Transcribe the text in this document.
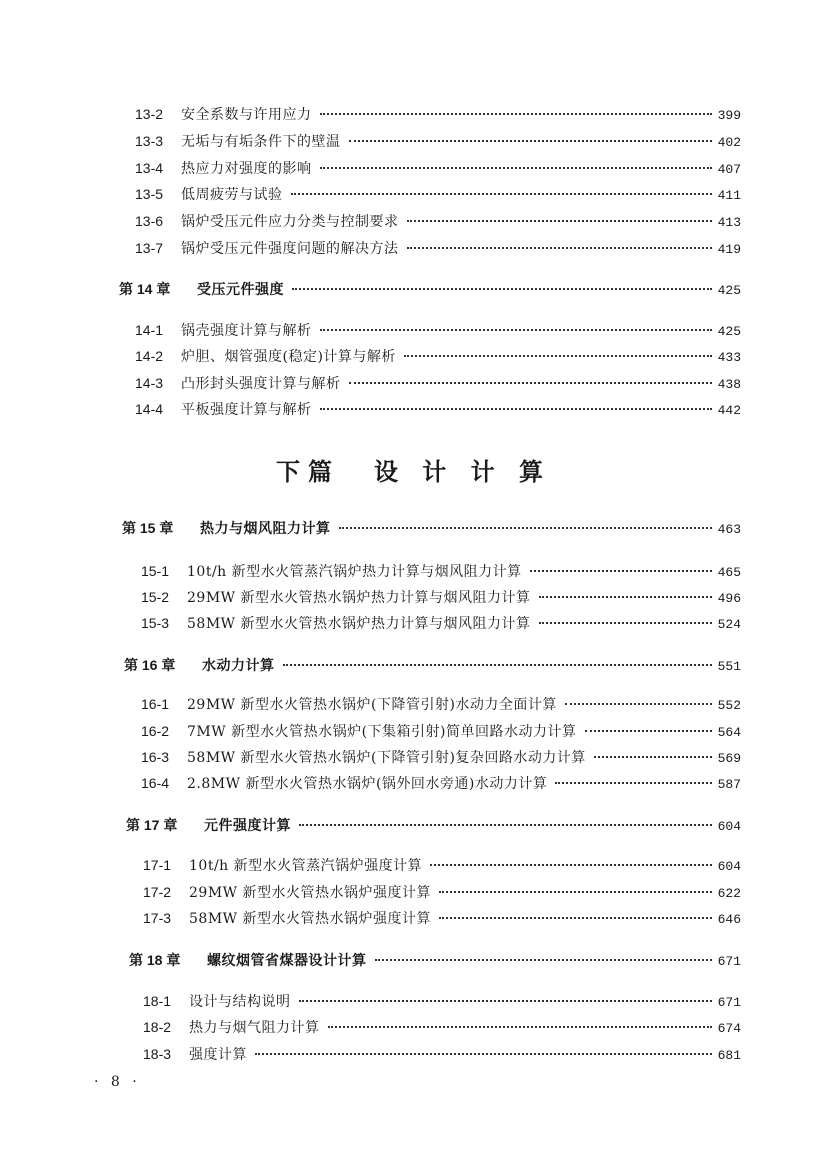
13-2	安全系数与许用应力	399
13-3	无垢与有垢条件下的壁温	402
13-4	热应力对强度的影响	407
13-5	低周疲劳与试验	411
13-6	锅炉受压元件应力分类与控制要求	413
13-7	锅炉受压元件强度问题的解决方法	419
第 14 章	受压元件强度	425
14-1	锅壳强度计算与解析	425
14-2	炉胆、烟管强度(稳定)计算与解析	433
14-3	凸形封头强度计算与解析	438
14-4	平板强度计算与解析	442
第 15 章	热力与烟风阻力计算	463
15-1	10t/h 新型水火管蒸汽锅炉热力计算与烟风阻力计算	465
15-2	29MW 新型水火管热水锅炉热力计算与烟风阻力计算	496
15-3	58MW 新型水火管热水锅炉热力计算与烟风阻力计算	524
第 16 章	水动力计算	551
16-1	29MW 新型水火管热水锅炉(下降管引射)水动力全面计算	552
16-2	7MW 新型水火管热水锅炉(下集箱引射)简单回路水动力计算	564
16-3	58MW 新型水火管热水锅炉(下降管引射)复杂回路水动力计算	569
16-4	2.8MW 新型水火管热水锅炉(锅外回水旁通)水动力计算	587
第 17 章	元件强度计算	604
17-1	10t/h 新型水火管蒸汽锅炉强度计算	604
17-2	29MW 新型水火管热水锅炉强度计算	622
17-3	58MW 新型水火管热水锅炉强度计算	646
第 18 章	螺纹烟管省煤器设计计算	671
18-1	设计与结构说明	671
18-2	热力与烟气阻力计算	674
18-3	强度计算	681
下篇 设 计 计 算
· 8 ·
